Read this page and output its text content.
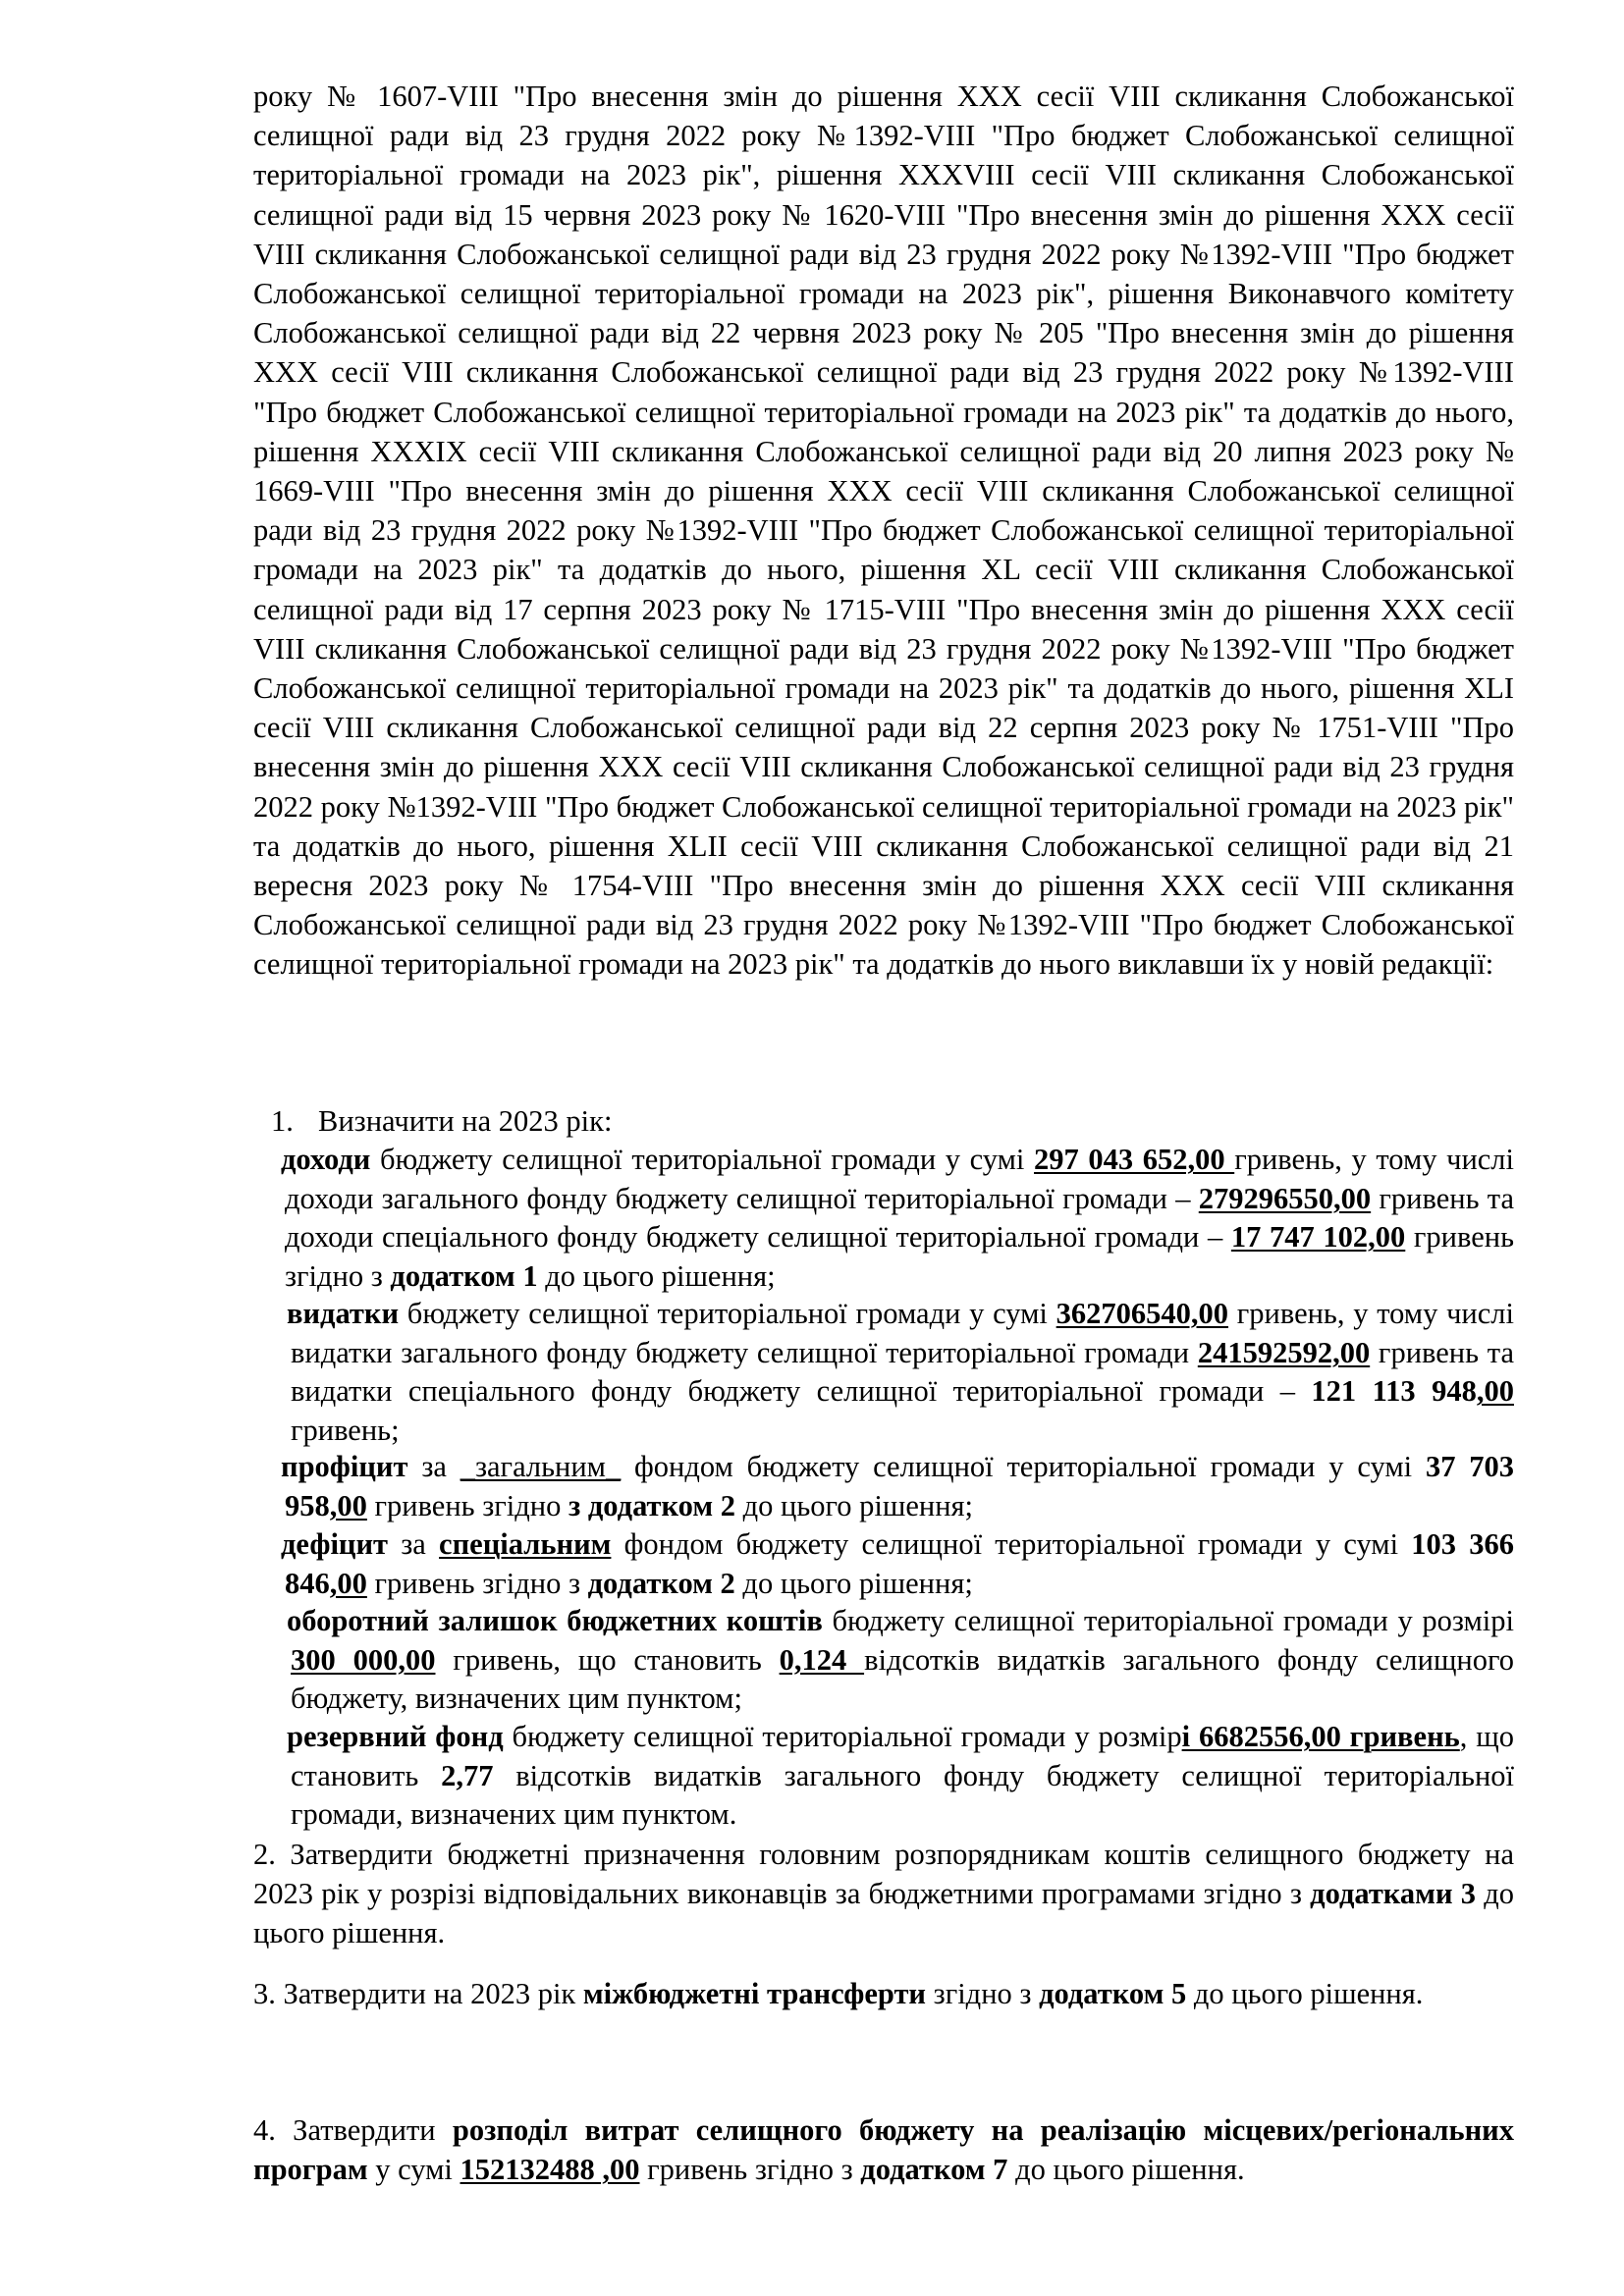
року № 1607-VIII "Про внесення змін до рішення XXX сесії VIII скликання Слобожанської селищної ради від 23 грудня 2022 року №1392-VIII "Про бюджет Слобожанської селищної територіальної громади на 2023 рік", рішення XXXVIII сесії VIII скликання Слобожанської селищної ради від 15 червня 2023 року № 1620-VIII "Про внесення змін до рішення XXX сесії VIII скликання Слобожанської селищної ради від 23 грудня 2022 року №1392-VIII "Про бюджет Слобожанської селищної територіальної громади на 2023 рік", рішення Виконавчого комітету Слобожанської селищної ради від 22 червня 2023 року № 205 "Про внесення змін до рішення XXX сесії VIII скликання Слобожанської селищної ради від 23 грудня 2022 року №1392-VIII "Про бюджет Слобожанської селищної територіальної громади на 2023 рік" та додатків до нього, рішення XXXIX сесії VIII скликання Слобожанської селищної ради від 20 липня 2023 року № 1669-VIII "Про внесення змін до рішення XXX сесії VIII скликання Слобожанської селищної ради від 23 грудня 2022 року №1392-VIII "Про бюджет Слобожанської селищної територіальної громади на 2023 рік" та додатків до нього, рішення XL сесії VIII скликання Слобожанської селищної ради від 17 серпня 2023 року № 1715-VIII "Про внесення змін до рішення XXX сесії VIII скликання Слобожанської селищної ради від 23 грудня 2022 року №1392-VIII "Про бюджет Слобожанської селищної територіальної громади на 2023 рік" та додатків до нього, рішення XLI сесії VIII скликання Слобожанської селищної ради від 22 серпня 2023 року № 1751-VIII "Про внесення змін до рішення XXX сесії VIII скликання Слобожанської селищної ради від 23 грудня 2022 року №1392-VIII "Про бюджет Слобожанської селищної територіальної громади на 2023 рік" та додатків до нього, рішення XLII сесії VIII скликання Слобожанської селищної ради від 21 вересня 2023 року № 1754-VIII "Про внесення змін до рішення XXX сесії VIII скликання Слобожанської селищної ради від 23 грудня 2022 року №1392-VIII "Про бюджет Слобожанської селищної територіальної громади на 2023 рік" та додатків до нього виклавши їх у новій редакції:

1. Визначити на 2023 рік:

доходи бюджету селищної територіальної громади у сумі 297 043 652,00 гривень, у тому числі доходи загального фонду бюджету селищної територіальної громади – 279296550,00 гривень та доходи спеціального фонду бюджету селищної територіальної громади – 17 747 102,00 гривень згідно з додатком 1 до цього рішення;

видатки бюджету селищної територіальної громади у сумі 362706540,00 гривень, у тому числі видатки загального фонду бюджету селищної територіальної громади 241592592,00 гривень та видатки спеціального фонду бюджету селищної територіальної громади – 121 113 948,00 гривень;

профіцит за _загальним_ фондом бюджету селищної територіальної громади у сумі 37 703 958,00 гривень згідно з додатком 2 до цього рішення;

дефіцит за спеціальним фондом бюджету селищної територіальної громади у сумі 103 366 846,00 гривень згідно з додатком 2 до цього рішення;

оборотний залишок бюджетних коштів бюджету селищної територіальної громади у розмірі 300 000,00 гривень, що становить 0,124 відсотків видатків загального фонду селищного бюджету, визначених цим пунктом;

резервний фонд бюджету селищної територіальної громади у розмірі 6682556,00 гривень, що становить 2,77 відсотків видатків загального фонду бюджету селищної територіальної громади, визначених цим пунктом.

2. Затвердити бюджетні призначення головним розпорядникам коштів селищного бюджету на 2023 рік у розрізі відповідальних виконавців за бюджетними програмами згідно з додатками 3 до цього рішення.

3. Затвердити на 2023 рік міжбюджетні трансферти згідно з додатком 5 до цього рішення.

4. Затвердити розподіл витрат селищного бюджету на реалізацію місцевих/регіональних програм у сумі 152132488 ,00 гривень згідно з додатком 7 до цього рішення.
